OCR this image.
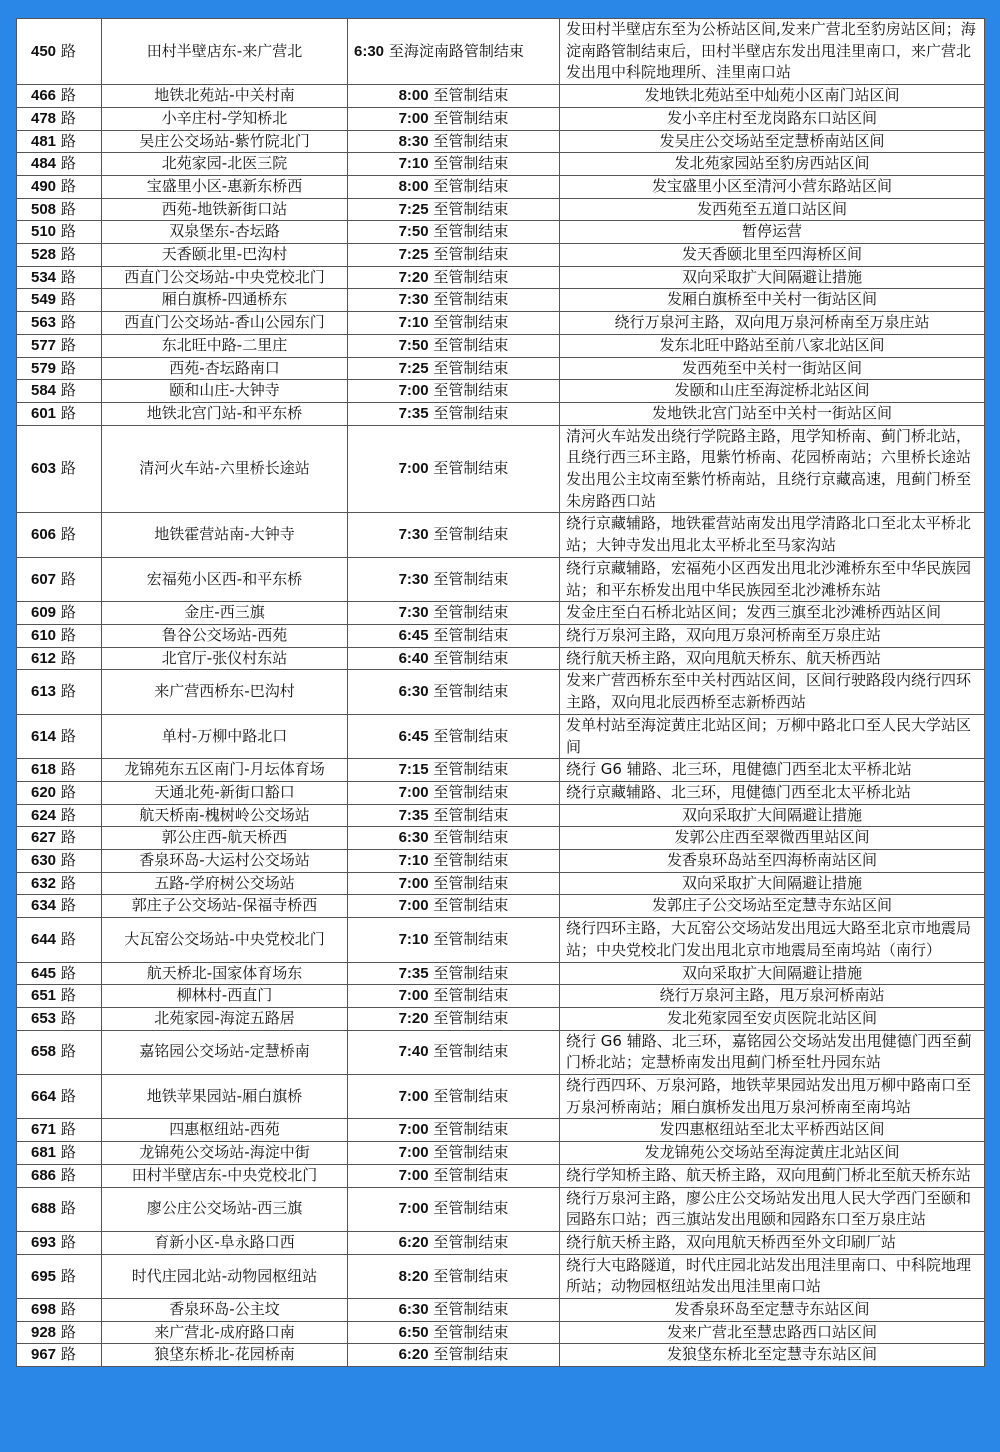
450 路	田村半壁店东-来广营北	6:30 至海淀南路管制结束	发田村半壁店东至为公桥站区间,发来广营北至豹房站区间；海淀南路管制结束后，田村半壁店东发出甩洼里南口，来广营北发出甩中科院地理所、洼里南口站
466 路	地铁北苑站-中关村南	8:00 至管制结束	发地铁北苑站至中灿苑小区南门站区间
478 路	小辛庄村-学知桥北	7:00 至管制结束	发小辛庄村至龙岗路东口站区间
481 路	吴庄公交场站-紫竹院北门	8:30 至管制结束	发吴庄公交场站至定慧桥南站区间
484 路	北苑家园-北医三院	7:10 至管制结束	发北苑家园站至豹房西站区间
490 路	宝盛里小区-惠新东桥西	8:00 至管制结束	发宝盛里小区至清河小营东路站区间
508 路	西苑-地铁新街口站	7:25 至管制结束	发西苑至五道口站区间
510 路	双泉堡东-杏坛路	7:50 至管制结束	暂停运营
528 路	天香颐北里-巴沟村	7:25 至管制结束	发天香颐北里至四海桥区间
534 路	西直门公交场站-中央党校北门	7:20 至管制结束	双向采取扩大间隔避让措施
549 路	厢白旗桥-四通桥东	7:30 至管制结束	发厢白旗桥至中关村一街站区间
563 路	西直门公交场站-香山公园东门	7:10 至管制结束	绕行万泉河主路，双向甩万泉河桥南至万泉庄站
577 路	东北旺中路-二里庄	7:50 至管制结束	发东北旺中路站至前八家北站区间
579 路	西苑-杏坛路南口	7:25 至管制结束	发西苑至中关村一街站区间
584 路	颐和山庄-大钟寺	7:00 至管制结束	发颐和山庄至海淀桥北站区间
601 路	地铁北宫门站-和平东桥	7:35 至管制结束	发地铁北宫门站至中关村一街站区间
603 路	清河火车站-六里桥长途站	7:00 至管制结束	清河火车站发出绕行学院路主路，甩学知桥南、蓟门桥北站，且绕行西三环主路，甩紫竹桥南、花园桥南站；六里桥长途站发出甩公主坟南至紫竹桥南站，且绕行京藏高速，甩蓟门桥至朱房路西口站
606 路	地铁霍营站南-大钟寺	7:30 至管制结束	绕行京藏辅路，地铁霍营站南发出甩学清路北口至北太平桥北站；大钟寺发出甩北太平桥北至马家沟站
607 路	宏福苑小区西-和平东桥	7:30 至管制结束	绕行京藏辅路，宏福苑小区西发出甩北沙滩桥东至中华民族园站；和平东桥发出甩中华民族园至北沙滩桥东站
609 路	金庄-西三旗	7:30 至管制结束	发金庄至白石桥北站区间；发西三旗至北沙滩桥西站区间
610 路	鲁谷公交场站-西苑	6:45 至管制结束	绕行万泉河主路，双向甩万泉河桥南至万泉庄站
612 路	北官厅-张仪村东站	6:40 至管制结束	绕行航天桥主路，双向甩航天桥东、航天桥西站
613 路	来广营西桥东-巴沟村	6:30 至管制结束	发来广营西桥东至中关村西站区间，区间行驶路段内绕行四环主路，双向甩北辰西桥至志新桥西站
614 路	单村-万柳中路北口	6:45 至管制结束	发单村站至海淀黄庄北站区间；万柳中路北口至人民大学站区间
618 路	龙锦苑东五区南门-月坛体育场	7:15 至管制结束	绕行 G6 辅路、北三环，甩健德门西至北太平桥北站
620 路	天通北苑-新街口豁口	7:00 至管制结束	绕行京藏辅路、北三环，甩健德门西至北太平桥北站
624 路	航天桥南-槐树岭公交场站	7:35 至管制结束	双向采取扩大间隔避让措施
627 路	郭公庄西-航天桥西	6:30 至管制结束	发郭公庄西至翠微西里站区间
630 路	香泉环岛-大运村公交场站	7:10 至管制结束	发香泉环岛站至四海桥南站区间
632 路	五路-学府树公交场站	7:00 至管制结束	双向采取扩大间隔避让措施
634 路	郭庄子公交场站-保福寺桥西	7:00 至管制结束	发郭庄子公交场站至定慧寺东站区间
644 路	大瓦窑公交场站-中央党校北门	7:10 至管制结束	绕行四环主路，大瓦窑公交场站发出甩远大路至北京市地震局站；中央党校北门发出甩北京市地震局至南坞站（南行）
645 路	航天桥北-国家体育场东	7:35 至管制结束	双向采取扩大间隔避让措施
651 路	柳林村-西直门	7:00 至管制结束	绕行万泉河主路，甩万泉河桥南站
653 路	北苑家园-海淀五路居	7:20 至管制结束	发北苑家园至安贞医院北站区间
658 路	嘉铭园公交场站-定慧桥南	7:40 至管制结束	绕行 G6 辅路、北三环，嘉铭园公交场站发出甩健德门西至蓟门桥北站；定慧桥南发出甩蓟门桥至牡丹园东站
664 路	地铁苹果园站-厢白旗桥	7:00 至管制结束	绕行西四环、万泉河路，地铁苹果园站发出甩万柳中路南口至万泉河桥南站；厢白旗桥发出甩万泉河桥南至南坞站
671 路	四惠枢纽站-西苑	7:00 至管制结束	发四惠枢纽站至北太平桥西站区间
681 路	龙锦苑公交场站-海淀中街	7:00 至管制结束	发龙锦苑公交场站至海淀黄庄北站区间
686 路	田村半壁店东-中央党校北门	7:00 至管制结束	绕行学知桥主路、航天桥主路，双向甩蓟门桥北至航天桥东站
688 路	廖公庄公交场站-西三旗	7:00 至管制结束	绕行万泉河主路，廖公庄公交场站发出甩人民大学西门至颐和园路东口站；西三旗站发出甩颐和园路东口至万泉庄站
693 路	育新小区-阜永路口西	6:20 至管制结束	绕行航天桥主路，双向甩航天桥西至外文印刷厂站
695 路	时代庄园北站-动物园枢纽站	8:20 至管制结束	绕行大屯路隧道，时代庄园北站发出甩洼里南口、中科院地理所站；动物园枢纽站发出甩洼里南口站
698 路	香泉环岛-公主坟	6:30 至管制结束	发香泉环岛至定慧寺东站区间
928 路	来广营北-成府路口南	6:50 至管制结束	发来广营北至慧忠路西口站区间
967 路	狼垡东桥北-花园桥南	6:20 至管制结束	发狼垡东桥北至定慧寺东站区间
